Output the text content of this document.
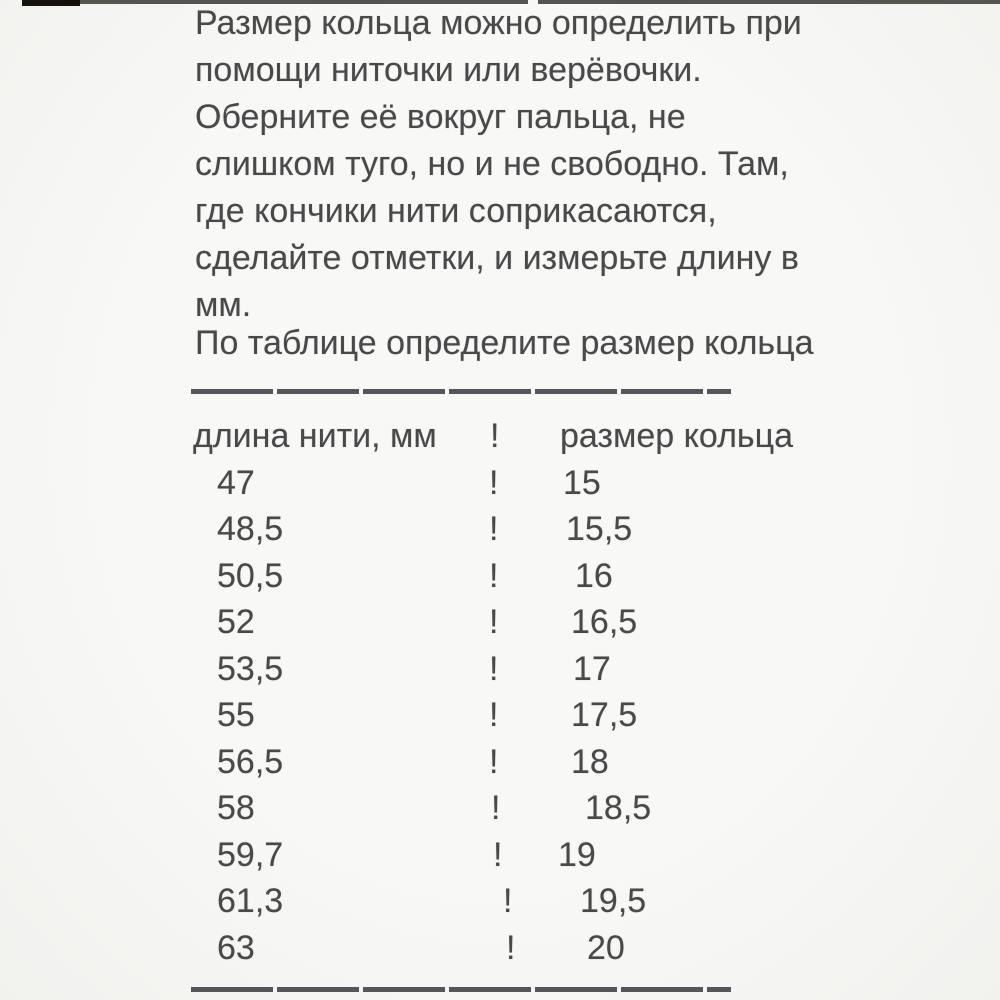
Размер кольца можно определить при
помощи ниточки или верёвочки.
Оберните её вокруг пальца, не
слишком туго, но и не свободно. Там,
где кончики нити соприкасаются,
сделайте отметки, и измерьте длину в
мм.
По таблице определите размер кольца
длина нити, мм ! размер кольца
47	! 15
48,5	! 15,5
50,5	! 16
52	! 16,5
53,5	! 17
55	! 17,5
56,5	! 18
58	! 18,5
59,7	! 19
61,3	! 19,5
63	! 20
